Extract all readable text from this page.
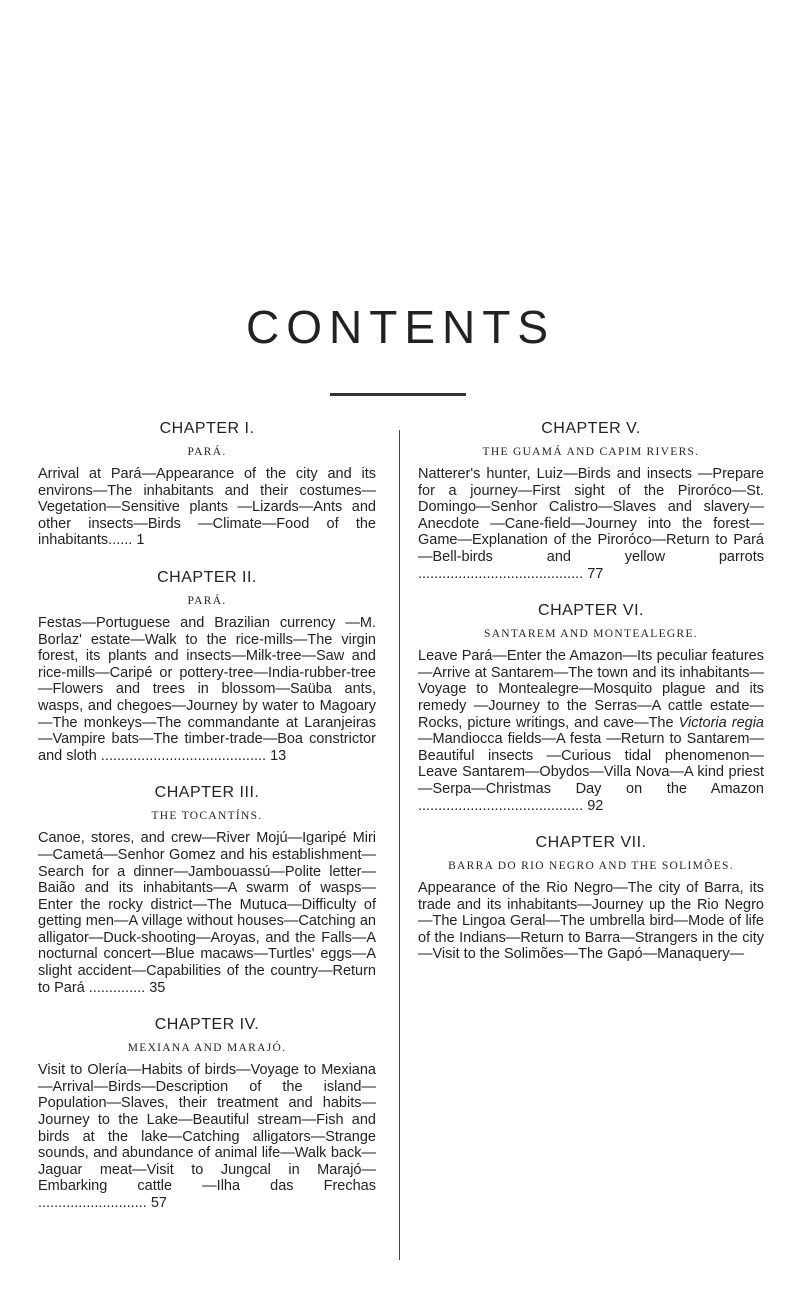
CONTENTS

CHAPTER I.

PARÁ.

Arrival at Pará—Appearance of the city and its environs—The inhabitants and their costumes—Vegetation—Sensitive plants —Lizards—Ants and other insects—Birds —Climate—Food of the inhabitants...... 1

CHAPTER II.

PARÁ.

Festas—Portuguese and Brazilian currency —M. Borlaz' estate—Walk to the rice-mills—The virgin forest, its plants and insects—Milk-tree—Saw and rice-mills—Caripé or pottery-tree—India-rubber-tree —Flowers and trees in blossom—Saüba ants, wasps, and chegoes—Journey by water to Magoary—The monkeys—The commandante at Laranjeiras—Vampire bats—The timber-trade—Boa constrictor and sloth ......................................... 13

CHAPTER III.

THE TOCANTÍNS.

Canoe, stores, and crew—River Mojú—Igaripé Miri—Cametá—Senhor Gomez and his establishment—Search for a dinner—Jambouassú—Polite letter—Baião and its inhabitants—A swarm of wasps—Enter the rocky district—The Mutuca—Difficulty of getting men—A village without houses—Catching an alligator—Duck-shooting—Aroyas, and the Falls—A nocturnal concert—Blue macaws—Turtles' eggs—A slight accident—Capabilities of the country—Return to Pará .............. 35

CHAPTER IV.

MEXIANA AND MARAJÓ.

Visit to Olería—Habits of birds—Voyage to Mexiana—Arrival—Birds—Description of the island—Population—Slaves, their treatment and habits—Journey to the Lake—Beautiful stream—Fish and birds at the lake—Catching alligators—Strange sounds, and abundance of animal life—Walk back—Jaguar meat—Visit to Jungcal in Marajó—Embarking cattle —Ilha das Frechas ........................... 57

CHAPTER V.

THE GUAMÁ AND CAPIM RIVERS.

Natterer's hunter, Luiz—Birds and insects —Prepare for a journey—First sight of the Piroróco—St. Domingo—Senhor Calistro—Slaves and slavery—Anecdote —Cane-field—Journey into the forest—Game—Explanation of the Piroróco—Return to Pará—Bell-birds and yellow parrots ......................................... 77

CHAPTER VI.

SANTAREM AND MONTEALEGRE.

Leave Pará—Enter the Amazon—Its peculiar features—Arrive at Santarem—The town and its inhabitants—Voyage to Montealegre—Mosquito plague and its remedy —Journey to the Serras—A cattle estate—Rocks, picture writings, and cave—The Victoria regia—Mandiocca fields—A festa —Return to Santarem—Beautiful insects —Curious tidal phenomenon—Leave Santarem—Obydos—Villa Nova—A kind priest—Serpa—Christmas Day on the Amazon ......................................... 92

CHAPTER VII.

BARRA DO RIO NEGRO AND THE SOLIMÕES.

Appearance of the Rio Negro—The city of Barra, its trade and its inhabitants—Journey up the Rio Negro—The Lingoa Geral—The umbrella bird—Mode of life of the Indians—Return to Barra—Strangers in the city—Visit to the Solimões—The Gapó—Manaquery—
